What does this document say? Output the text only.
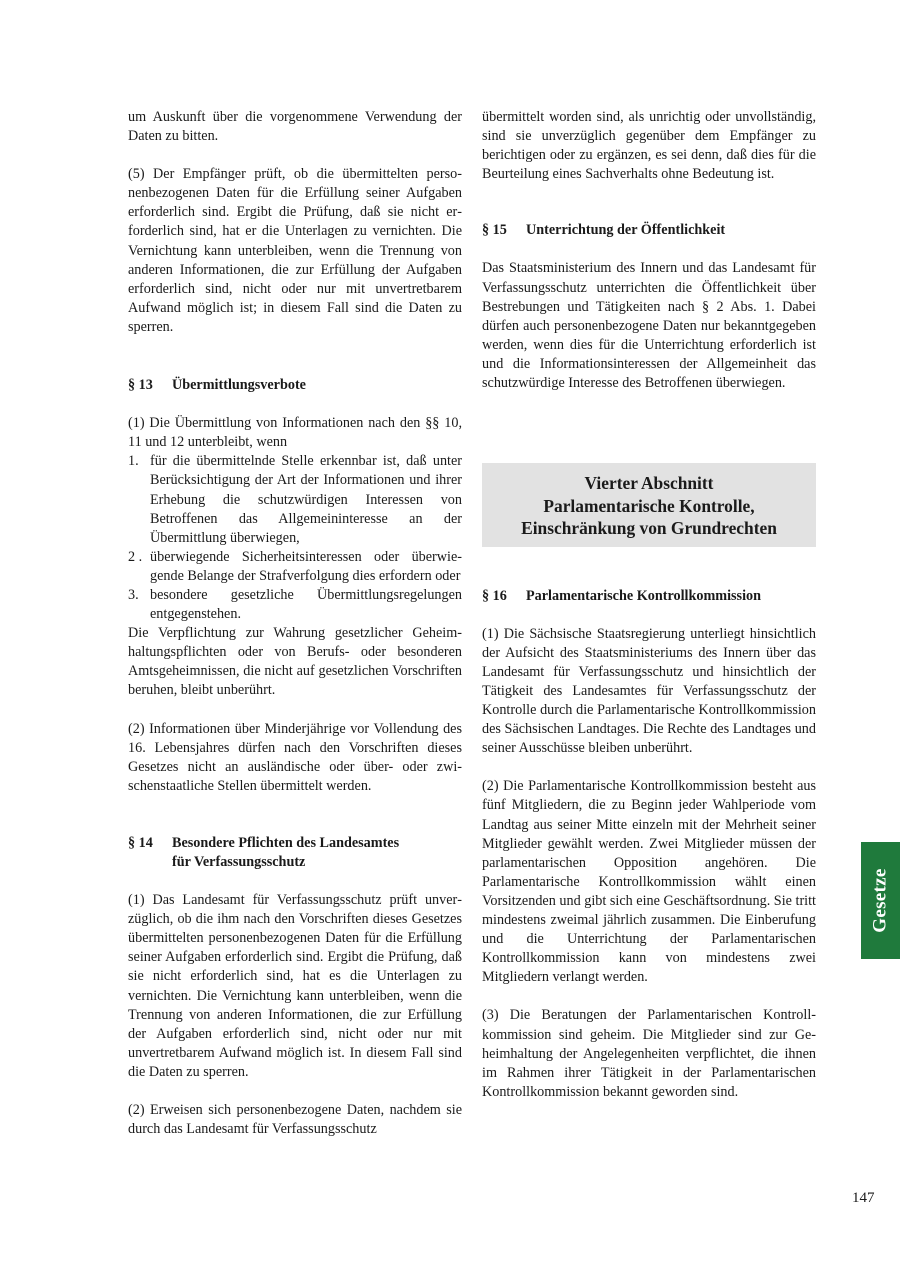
um Auskunft über die vorgenommene Verwendung der Daten zu bitten.

(5) Der Empfänger prüft, ob die übermittelten personenbezogenen Daten für die Erfüllung seiner Aufgaben erforderlich sind. Ergibt die Prüfung, daß sie nicht erforderlich sind, hat er die Unterlagen zu vernichten. Die Vernichtung kann unterbleiben, wenn die Trennung von anderen Informationen, die zur Erfüllung der Aufgaben erforderlich sind, nicht oder nur mit unvertretbarem Aufwand möglich ist; in diesem Fall sind die Daten zu sperren.

§ 13	Übermittlungsverbote

(1) Die Übermittlung von Informationen nach den §§ 10, 11 und 12 unterbleibt, wenn

1. für die übermittelnde Stelle erkennbar ist, daß unter Berücksichtigung der Art der Informationen und ihrer Erhebung die schutzwürdigen Interessen von Betroffenen das Allgemeininteresse an der Übermittlung überwiegen,
2 . überwiegende Sicherheitsinteressen oder überwiegende Belange der Strafverfolgung dies erfordern oder
3. besondere gesetzliche Übermittlungsregelungen entgegenstehen.

Die Verpflichtung zur Wahrung gesetzlicher Geheimhaltungspflichten oder von Berufs- oder besonderen Amtsgeheimnissen, die nicht auf gesetzlichen Vorschriften beruhen, bleibt unberührt.

(2) Informationen über Minderjährige vor Vollendung des 16. Lebensjahres dürfen nach den Vorschriften dieses Gesetzes nicht an ausländische oder über- oder zwischenstaatliche Stellen übermittelt werden.

§ 14	Besondere Pflichten des Landesamtes
für Verfassungsschutz

(1) Das Landesamt für Verfassungsschutz prüft unverzüglich, ob die ihm nach den Vorschriften dieses Gesetzes übermittelten personenbezogenen Daten für die Erfüllung seiner Aufgaben erforderlich sind. Ergibt die Prüfung, daß sie nicht erforderlich sind, hat es die Unterlagen zu vernichten. Die Vernichtung kann unterbleiben, wenn die Trennung von anderen Informationen, die zur Erfüllung der Aufgaben erforderlich sind, nicht oder nur mit unvertretbarem Aufwand möglich ist. In diesem Fall sind die Daten zu sperren.

(2) Erweisen sich personenbezogene Daten, nachdem sie durch das Landesamt für Verfassungsschutz

übermittelt worden sind, als unrichtig oder unvollständig, sind sie unverzüglich gegenüber dem Empfänger zu berichtigen oder zu ergänzen, es sei denn, daß dies für die Beurteilung eines Sachverhalts ohne Bedeutung ist.

§ 15	Unterrichtung der Öffentlichkeit

Das Staatsministerium des Innern und das Landesamt für Verfassungsschutz unterrichten die Öffentlichkeit über Bestrebungen und Tätigkeiten nach § 2 Abs. 1. Dabei dürfen auch personenbezogene Daten nur bekanntgegeben werden, wenn dies für die Unterrichtung erforderlich ist und die Informationsinteressen der Allgemeinheit das schutzwürdige Interesse des Betroffenen überwiegen.

Vierter Abschnitt
Parlamentarische Kontrolle,
Einschränkung von Grundrechten
§ 16	Parlamentarische Kontrollkommission

(1) Die Sächsische Staatsregierung unterliegt hinsichtlich der Aufsicht des Staatsministeriums des Innern über das Landesamt für Verfassungsschutz und hinsichtlich der Tätigkeit des Landesamtes für Verfassungsschutz der Kontrolle durch die Parlamentarische Kontrollkommission des Sächsischen Landtages. Die Rechte des Landtages und seiner Ausschüsse bleiben unberührt.

(2) Die Parlamentarische Kontrollkommission besteht aus fünf Mitgliedern, die zu Beginn jeder Wahlperiode vom Landtag aus seiner Mitte einzeln mit der Mehrheit seiner Mitglieder gewählt werden. Zwei Mitglieder müssen der parlamentarischen Opposition angehören. Die Parlamentarische Kontrollkommission wählt einen Vorsitzenden und gibt sich eine Geschäftsordnung. Sie tritt mindestens zweimal jährlich zusammen. Die Einberufung und die Unterrichtung der Parlamentarischen Kontrollkommission kann von mindestens zwei Mitgliedern verlangt werden.

(3) Die Beratungen der Parlamentarischen Kontrollkommission sind geheim. Die Mitglieder sind zur Geheimhaltung der Angelegenheiten verpflichtet, die ihnen im Rahmen ihrer Tätigkeit in der Parlamentarischen Kontrollkommission bekannt geworden sind.

Gesetze
147
